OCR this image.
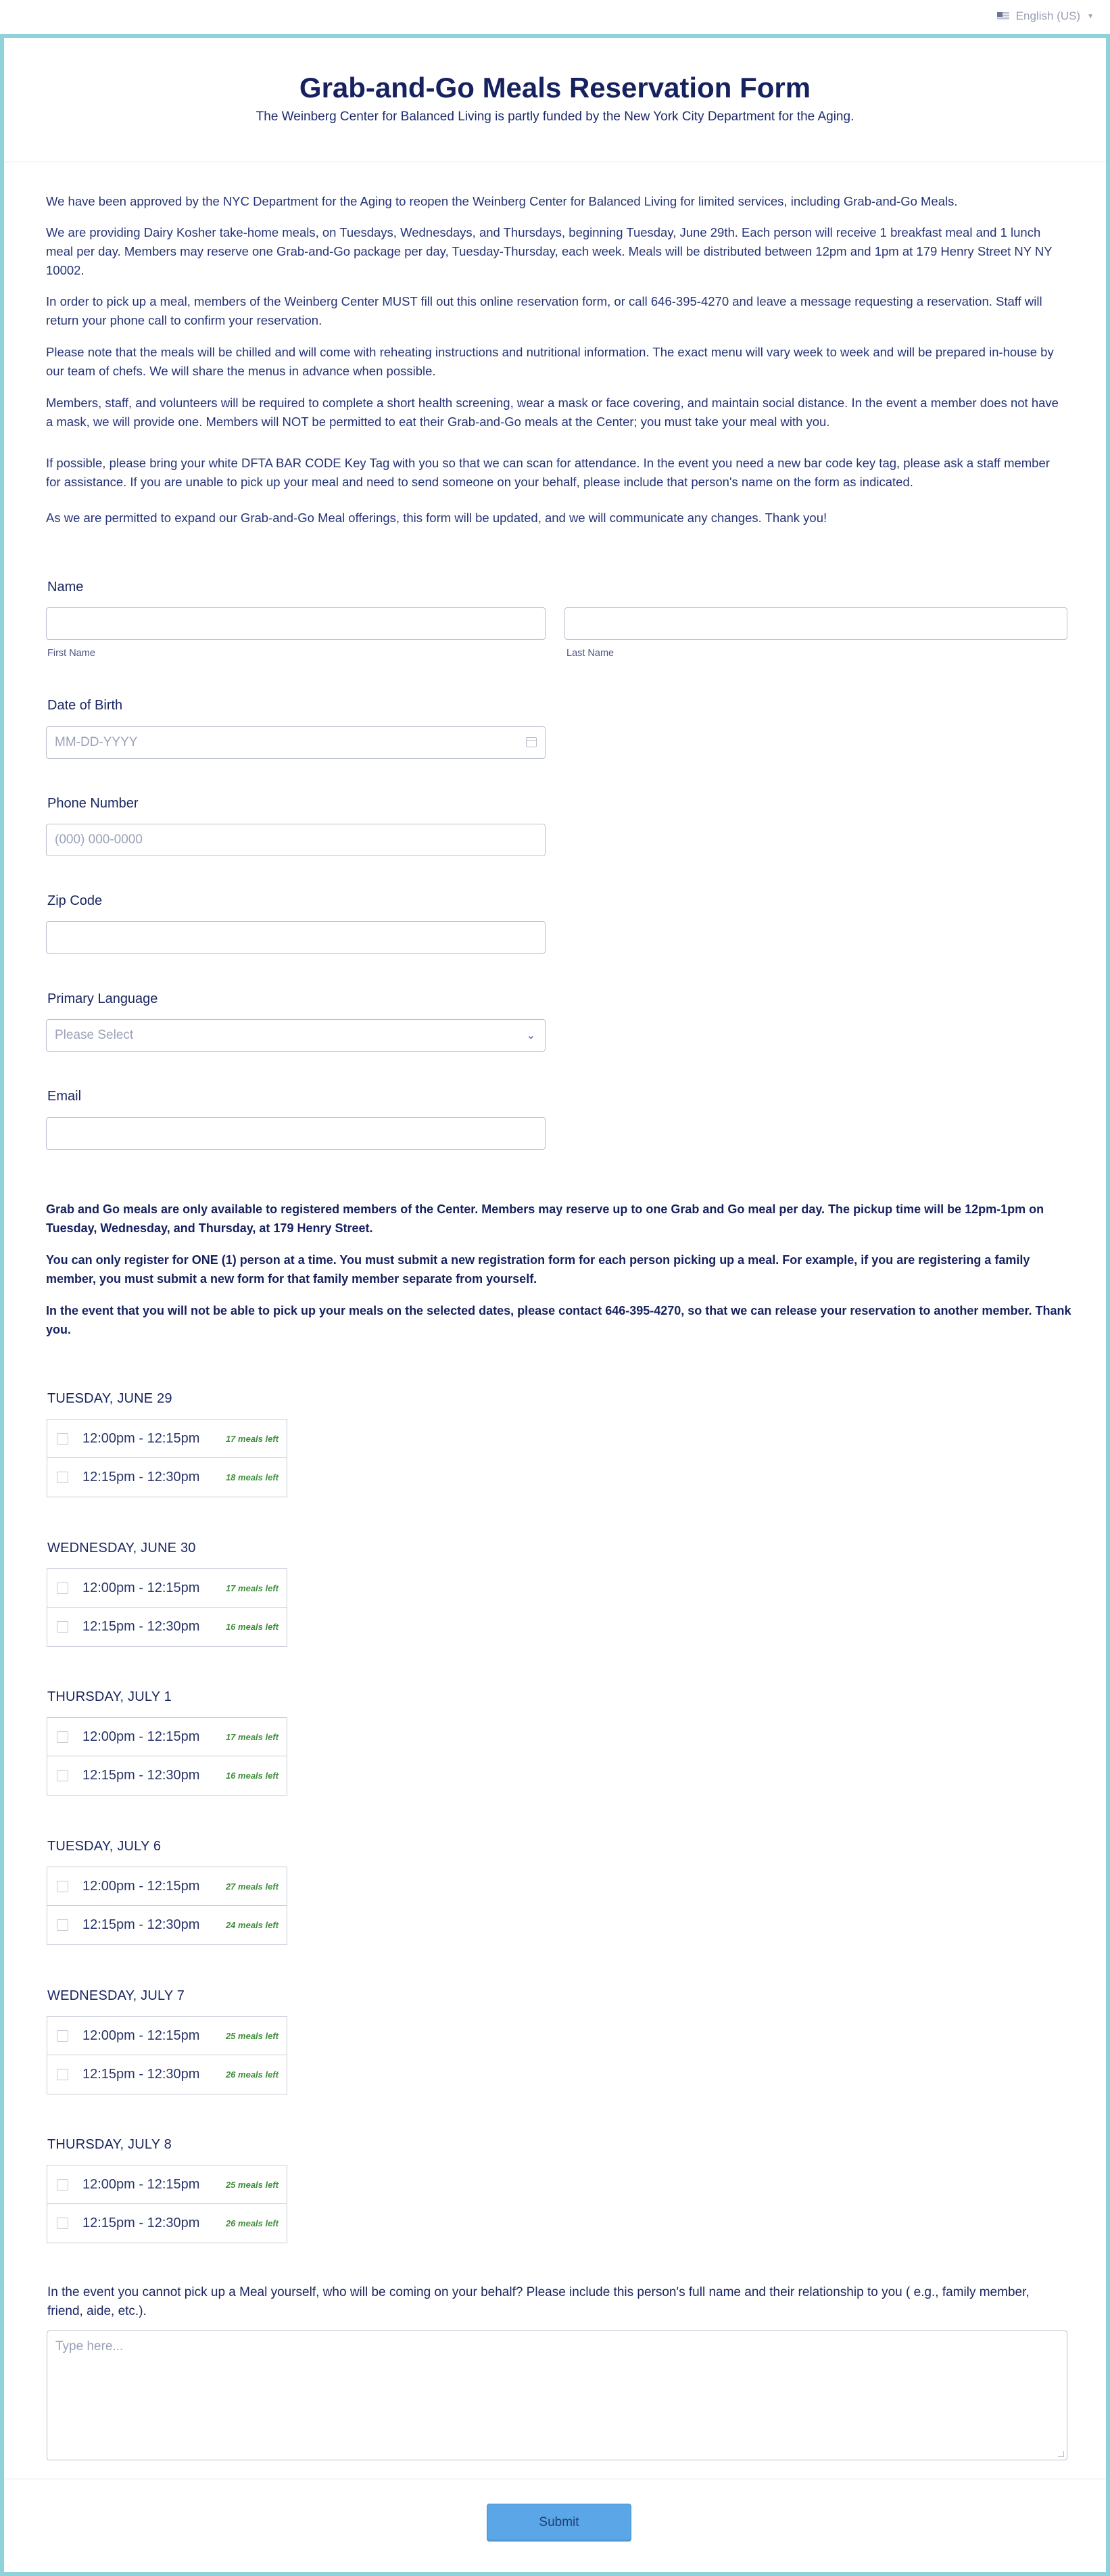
English (US) ▼
Grab-and-Go Meals Reservation Form
The Weinberg Center for Balanced Living is partly funded by the New York City Department for the Aging.
We have been approved by the NYC Department for the Aging to reopen the Weinberg Center for Balanced Living for limited services, including Grab-and-Go Meals.
We are providing Dairy Kosher take-home meals, on Tuesdays, Wednesdays, and Thursdays, beginning Tuesday, June 29th. Each person will receive 1 breakfast meal and 1 lunch meal per day. Members may reserve one Grab-and-Go package per day, Tuesday-Thursday, each week. Meals will be distributed between 12pm and 1pm at 179 Henry Street NY NY 10002.
In order to pick up a meal, members of the Weinberg Center MUST fill out this online reservation form, or call 646-395-4270 and leave a message requesting a reservation. Staff will return your phone call to confirm your reservation.
Please note that the meals will be chilled and will come with reheating instructions and nutritional information. The exact menu will vary week to week and will be prepared in-house by our team of chefs. We will share the menus in advance when possible.
Members, staff, and volunteers will be required to complete a short health screening, wear a mask or face covering, and maintain social distance. In the event a member does not have a mask, we will provide one. Members will NOT be permitted to eat their Grab-and-Go meals at the Center; you must take your meal with you.
If possible, please bring your white DFTA BAR CODE Key Tag with you so that we can scan for attendance. In the event you need a new bar code key tag, please ask a staff member for assistance. If you are unable to pick up your meal and need to send someone on your behalf, please include that person's name on the form as indicated.
As we are permitted to expand our Grab-and-Go Meal offerings, this form will be updated, and we will communicate any changes. Thank you!
Name
First Name	Last Name
Date of Birth
MM-DD-YYYY
Phone Number
(000) 000-0000
Zip Code
Primary Language
Please Select	⌄
Email
Grab and Go meals are only available to registered members of the Center. Members may reserve up to one Grab and Go meal per day. The pickup time will be 12pm-1pm on Tuesday, Wednesday, and Thursday, at 179 Henry Street.
You can only register for ONE (1) person at a time. You must submit a new registration form for each person picking up a meal. For example, if you are registering a family member, you must submit a new form for that family member separate from yourself.
In the event that you will not be able to pick up your meals on the selected dates, please contact 646-395-4270, so that we can release your reservation to another member. Thank you.
TUESDAY, JUNE 29
12:00pm - 12:15pm	17 meals left
12:15pm - 12:30pm	18 meals left
WEDNESDAY, JUNE 30
12:00pm - 12:15pm	17 meals left
12:15pm - 12:30pm	16 meals left
THURSDAY, JULY 1
12:00pm - 12:15pm	17 meals left
12:15pm - 12:30pm	16 meals left
TUESDAY, JULY 6
12:00pm - 12:15pm	27 meals left
12:15pm - 12:30pm	24 meals left
WEDNESDAY, JULY 7
12:00pm - 12:15pm	25 meals left
12:15pm - 12:30pm	26 meals left
THURSDAY, JULY 8
12:00pm - 12:15pm	25 meals left
12:15pm - 12:30pm	26 meals left
In the event you cannot pick up a Meal yourself, who will be coming on your behalf? Please include this person's full name and their relationship to you ( e.g., family member, friend, aide, etc.).
Type here...
Submit
